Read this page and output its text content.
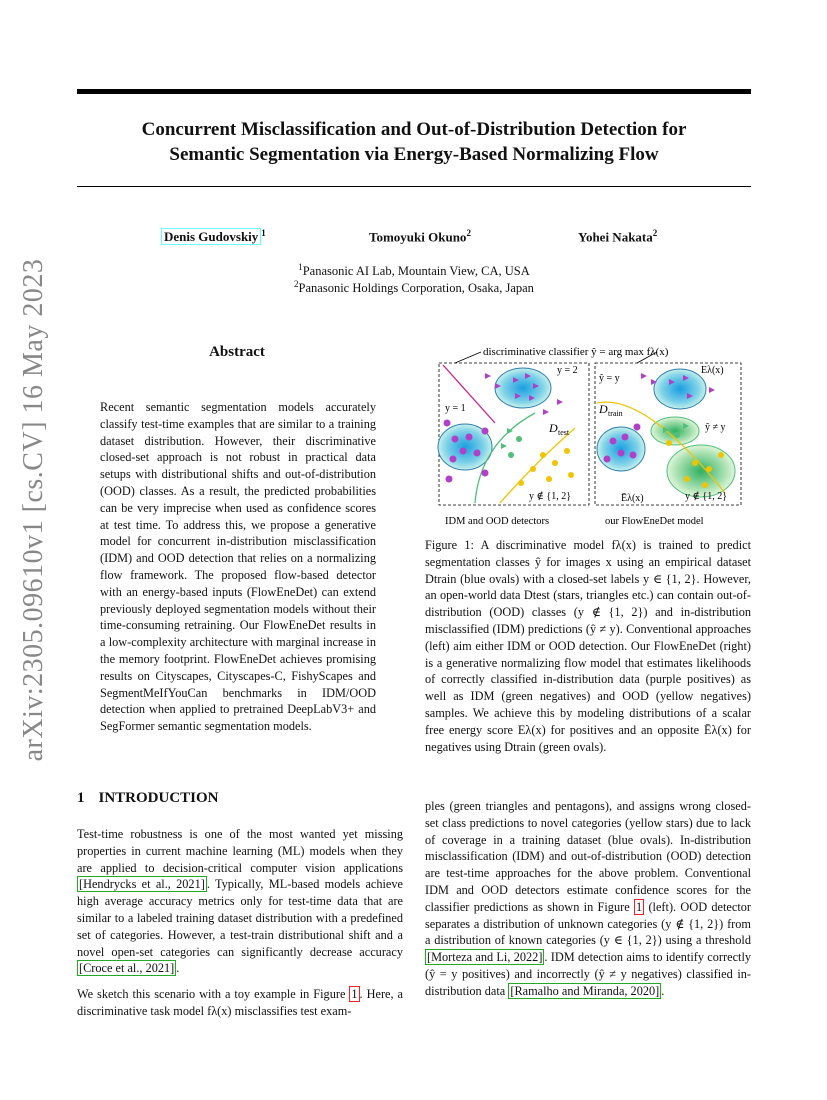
arXiv:2305.09610v1 [cs.CV] 16 May 2023
Concurrent Misclassification and Out-of-Distribution Detection for
Semantic Segmentation via Energy-Based Normalizing Flow
Denis Gudovskiy $^1$	Tomoyuki Okuno$^2$	Yohei Nakata$^2$
$^1$Panasonic AI Lab, Mountain View, CA, USA
$^2$Panasonic Holdings Corporation, Osaka, Japan
Abstract
Recent semantic segmentation models accurately classify test-time examples that are similar to a training dataset distribution. However, their discriminative closed-set approach is not robust in practical data setups with distributional shifts and out-of-distribution (OOD) classes. As a result, the predicted probabilities can be very imprecise when used as confidence scores at test time. To address this, we propose a generative model for concurrent in-distribution misclassification (IDM) and OOD detection that relies on a normalizing flow framework. The proposed flow-based detector with an energy-based inputs (FlowEneDet) can extend previously deployed segmentation models without their time-consuming retraining. Our FlowEneDet results in a low-complexity architecture with marginal increase in the memory footprint. FlowEneDet achieves promising results on Cityscapes, Cityscapes-C, FishyScapes and SegmentMeIfYouCan benchmarks in IDM/OOD detection when applied to pretrained DeepLabV3+ and SegFormer semantic segmentation models.
discriminative classifier ŷ = arg max fλ(x)
y = 2
y = 1
D test
y ∉ {1, 2}
IDM and OOD detectors
ŷ = y
Eλ(x)
D train
ŷ ≠ y
Ēλ(x)	y ∉ {1, 2}
our FlowEneDet model
Figure 1: A discriminative model fλ(x) is trained to predict segmentation classes ŷ for images x using an empirical dataset Dtrain (blue ovals) with a closed-set labels y ∈ {1, 2}. However, an open-world data Dtest (stars, triangles etc.) can contain out-of-distribution (OOD) classes (y ∉ {1, 2}) and in-distribution misclassified (IDM) predictions (ŷ ≠ y). Conventional approaches (left) aim either IDM or OOD detection. Our FlowEneDet (right) is a generative normalizing flow model that estimates likelihoods of correctly classified in-distribution data (purple positives) as well as IDM (green negatives) and OOD (yellow negatives) samples. We achieve this by modeling distributions of a scalar free energy score Eλ(x) for positives and an opposite Ēλ(x) for negatives using Dtrain (green ovals).
1 INTRODUCTION

Test-time robustness is one of the most wanted yet missing properties in current machine learning (ML) models when they are applied to decision-critical computer vision applications [Hendrycks et al., 2021] . Typically, ML-based models achieve high average accuracy metrics only for test-time data that are similar to a labeled training dataset distribution with a predefined set of categories. However, a test-train distributional shift and a novel open-set categories can significantly decrease accuracy [Croce et al., 2021] .

We sketch this scenario with a toy example in Figure 1 . Here, a discriminative task model fλ(x) misclassifies test exam-

ples (green triangles and pentagons), and assigns wrong closed-set class predictions to novel categories (yellow stars) due to lack of coverage in a training dataset (blue ovals). In-distribution misclassification (IDM) and out-of-distribution (OOD) detection are test-time approaches for the above problem. Conventional IDM and OOD detectors estimate confidence scores for the classifier predictions as shown in Figure 1 (left). OOD detector separates a distribution of unknown categories (y ∉ {1, 2}) from a distribution of known categories (y ∈ {1, 2}) using a threshold [Morteza and Li, 2022] . IDM detection aims to identify correctly (ŷ = y positives) and incorrectly (ŷ ≠ y negatives) classified in-distribution data [Ramalho and Miranda, 2020] .
